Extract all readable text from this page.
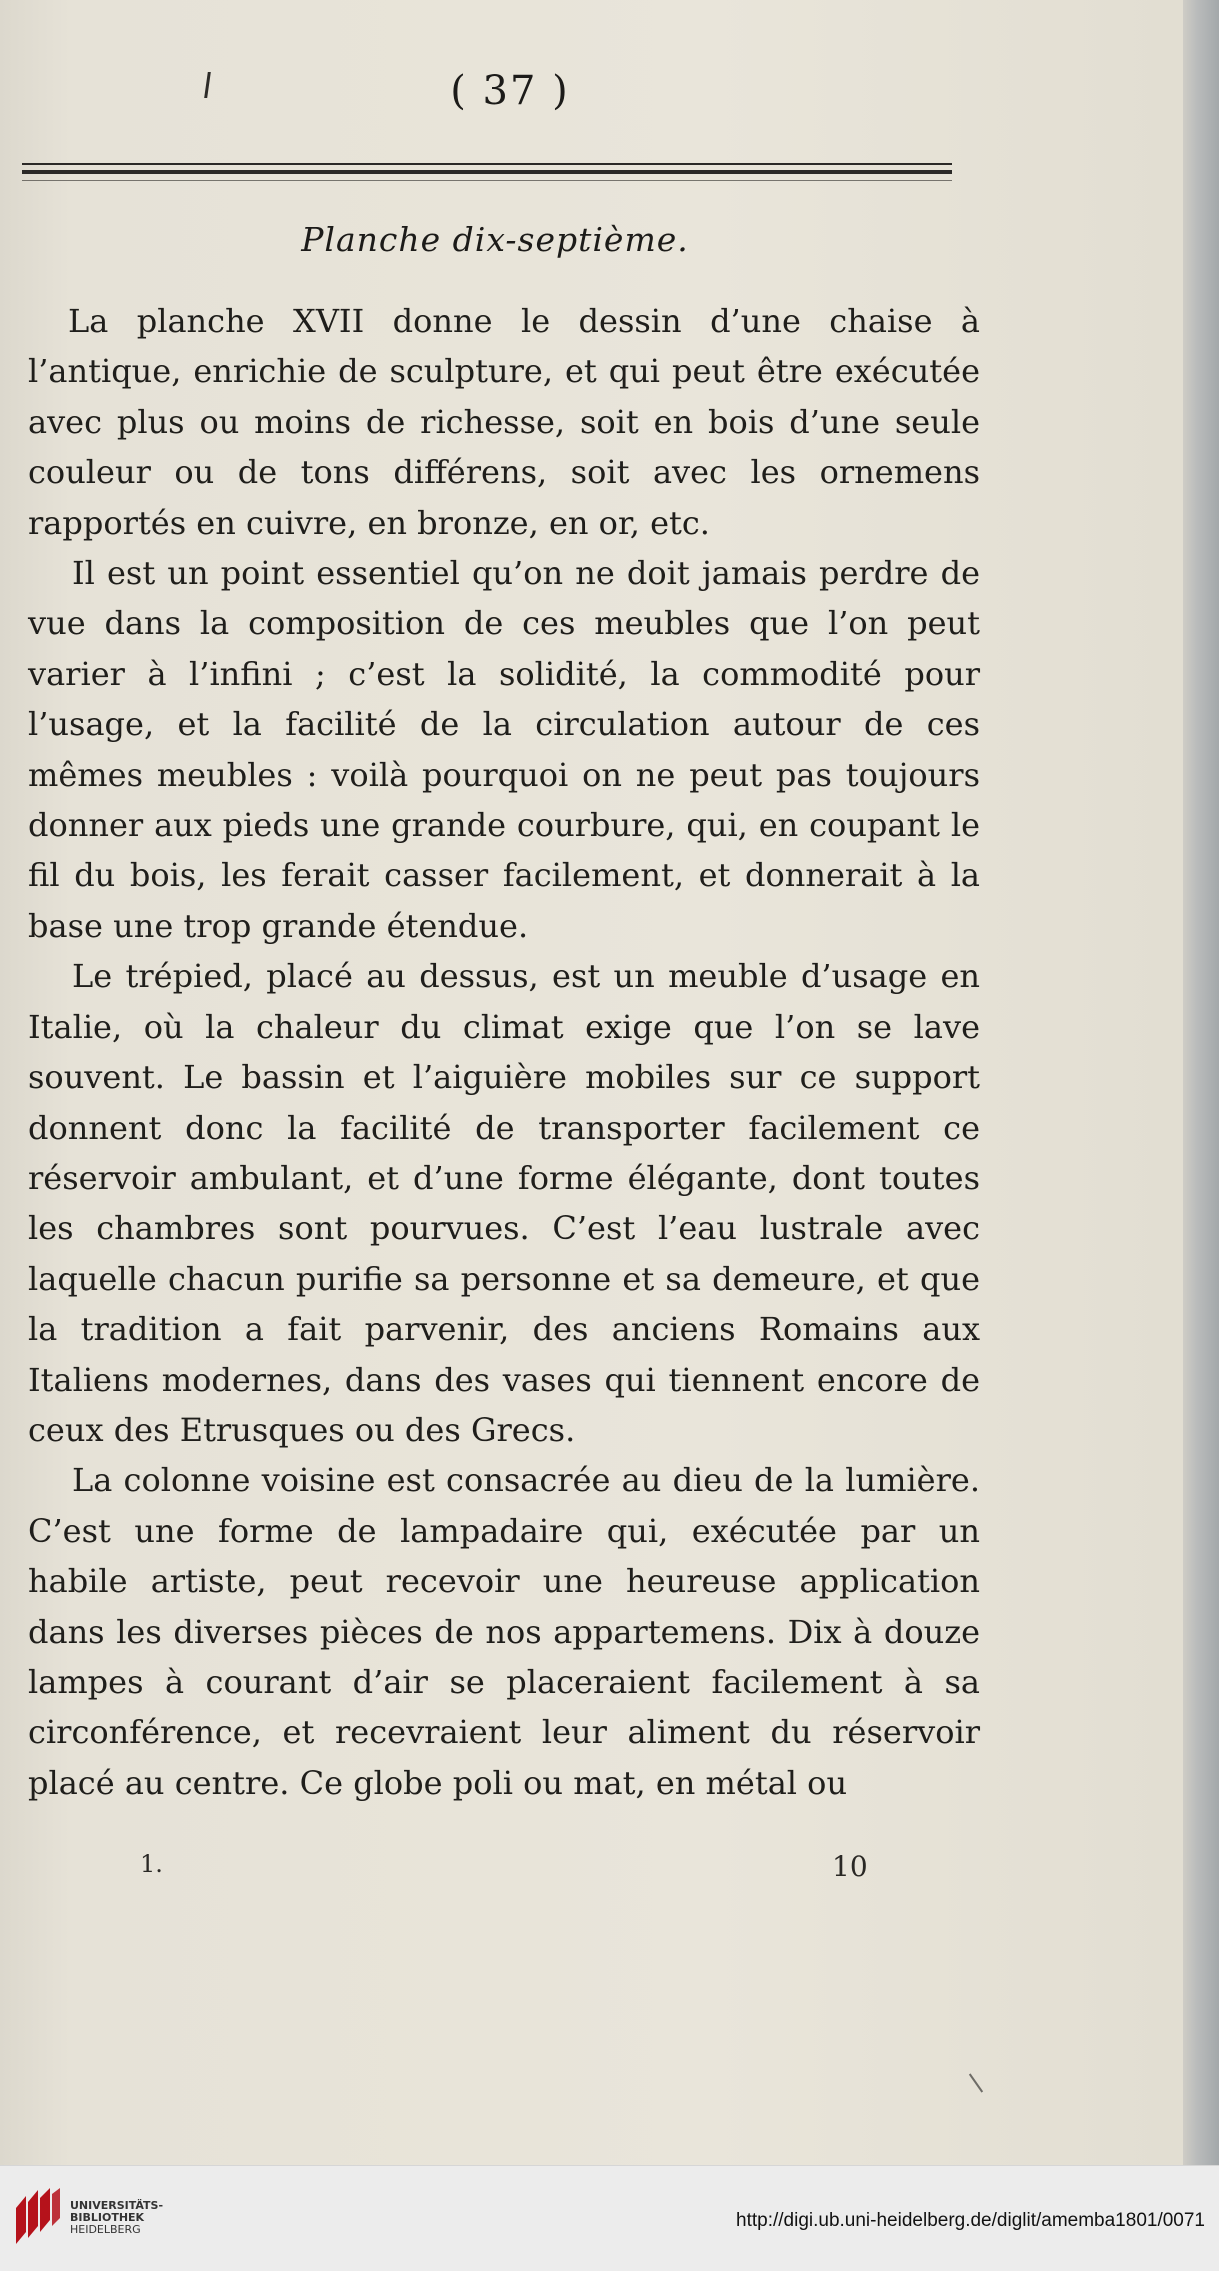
( 37 )
Planche dix-septième.

La planche XVII donne le dessin d’une chaise à l’antique, enrichie de sculpture, et qui peut être exécutée avec plus ou moins de richesse, soit en bois d’une seule couleur ou de tons différens, soit avec les ornemens rapportés en cuivre, en bronze, en or, etc.

Il est un point essentiel qu’on ne doit jamais perdre de vue dans la composition de ces meubles que l’on peut varier à l’infini ; c’est la solidité, la commodité pour l’usage, et la facilité de la circulation autour de ces mêmes meubles : voilà pourquoi on ne peut pas toujours donner aux pieds une grande courbure, qui, en coupant le fil du bois, les ferait casser facilement, et donnerait à la base une trop grande étendue.

Le trépied, placé au dessus, est un meuble d’usage en Italie, où la chaleur du climat exige que l’on se lave souvent. Le bassin et l’aiguière mobiles sur ce support donnent donc la facilité de transporter facilement ce réservoir ambulant, et d’une forme élégante, dont toutes les chambres sont pourvues. C’est l’eau lustrale avec laquelle chacun purifie sa personne et sa demeure, et que la tradition a fait parvenir, des anciens Romains aux Italiens modernes, dans des vases qui tiennent encore de ceux des Etrusques ou des Grecs.

La colonne voisine est consacrée au dieu de la lumière. C’est une forme de lampadaire qui, exécutée par un habile artiste, peut recevoir une heureuse application dans les diverses pièces de nos appartemens. Dix à douze lampes à courant d’air se placeraient facilement à sa circonférence, et recevraient leur aliment du réservoir placé au centre. Ce globe poli ou mat, en métal ou

1.	10
UNIVERSITÄTS-
BIBLIOTHEK
HEIDELBERG	http://digi.ub.uni-heidelberg.de/diglit/amemba1801/0071
